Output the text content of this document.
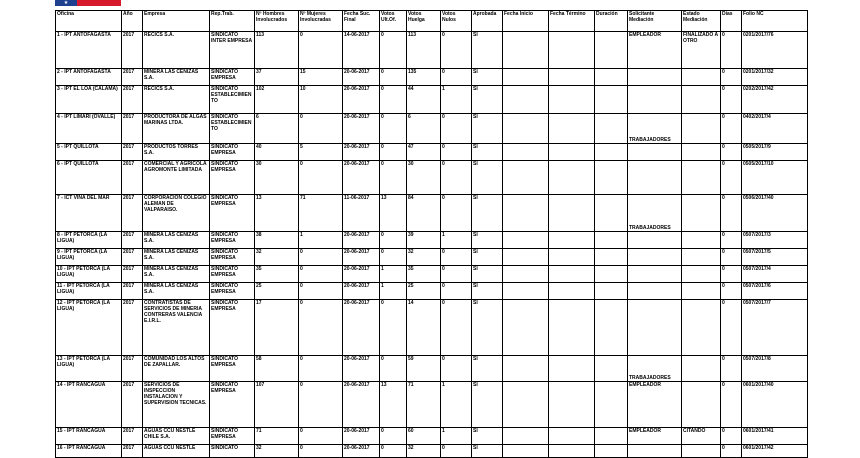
★
Oficina	Año	Empresa	Rep.Trab.	Nº Hombres Involucrados	Nº Mujeres Involucradas	Fecha Suc. Final	Votos Ult.Of.	Votos Huelga	Votos Nulos	Aprobada	Fecha Inicio	Fecha Término	Duración	Solicitante Mediación	Estado Mediación	Días	Folio NC
1 - IPT ANTOFAGASTA	2017	RECICS S.A.	SINDICATO INTER EMPRESA	113	0	14-06-2017	0	113	0	SI				EMPLEADOR	FINALIZADO A OTRO	0	0201/2017/76
2 - IPT ANTOFAGASTA	2017	MINERA LAS CENIZAS S.A.	SINDICATO EMPRESA	37	15	20-06-2017	0	135	0	SI						0	0201/2017/32
3 - IPT EL LOA (CALAMA)	2017	RECICS S.A.	SINDICATO ESTABLECIMIENTO	102	10	20-06-2017	0	44	1	SI						0	0202/2017/42
4 - IPT LIMARI (OVALLE)	2017	PRODUCTORA DE ALGAS MARINAS LTDA.	SINDICATO ESTABLECIMIENTO	6	0	20-06-2017	0	6	0	SI				TRABAJADORES		0	0402/2017/4
5 - IPT QUILLOTA	2017	PRODUCTOS TORRES S.A.	SINDICATO EMPRESA	40	5	20-06-2017	0	47	0	SI						0	0505/2017/9
6 - IPT QUILLOTA	2017	COMERCIAL Y AGRICOLA AGROMONTE LIMITADA	SINDICATO EMPRESA	30	0	20-06-2017	0	30	0	SI						0	0505/2017/10
7 - ICT VIÑA DEL MAR	2017	CORPORACION COLEGIO ALEMAN DE VALPARAISO.	SINDICATO EMPRESA	13	71	11-06-2017	13	84	0	SI				TRABAJADORES		0	0506/2017/40
8 - IPT PETORCA (LA LIGUA)	2017	MINERA LAS CENIZAS S.A.	SINDICATO EMPRESA	38	1	20-06-2017	0	39	1	SI						0	0507/2017/3
9 - IPT PETORCA (LA LIGUA)	2017	MINERA LAS CENIZAS S.A.	SINDICATO EMPRESA	32	0	20-06-2017	0	32	0	SI						0	0507/2017/5
10 - IPT PETORCA (LA LIGUA)	2017	MINERA LAS CENIZAS S.A.	SINDICATO EMPRESA	35	0	20-06-2017	1	35	0	SI						0	0507/2017/4
11 - IPT PETORCA (LA LIGUA)	2017	MINERA LAS CENIZAS S.A.	SINDICATO EMPRESA	25	0	20-06-2017	1	25	0	SI						0	0507/2017/6
12 - IPT PETORCA (LA LIGUA)	2017	CONTRATISTAS DE SERVICIOS DE MINERIA CONTRERAS VALENCIA E.I.R.L.	SINDICATO EMPRESA	17	0	20-06-2017	0	14	0	SI						0	0507/2017/7
13 - IPT PETORCA (LA LIGUA)	2017	COMUNIDAD LOS ALTOS DE ZAPALLAR.	SINDICATO EMPRESA	58	0	20-06-2017	0	59	0	SI				TRABAJADORES		0	0507/2017/8
14 - IPT RANCAGUA	2017	SERVICIOS DE INSPECCION INSTALACION Y SUPERVISION TECNICAS.	SINDICATO EMPRESA	107	0	20-06-2017	13	71	1	SI				EMPLEADOR		0	0601/2017/40
15 - IPT RANCAGUA	2017	AGUAS CCU NESTLE CHILE S.A.	SINDICATO EMPRESA	71	0	20-06-2017	0	60	1	SI				EMPLEADOR	CITANDO	0	0601/2017/41
16 - IPT RANCAGUA	2017	AGUAS CCU NESTLE	SINDICATO	32	0	20-06-2017	0	32	0	SI						0	0601/2017/42
